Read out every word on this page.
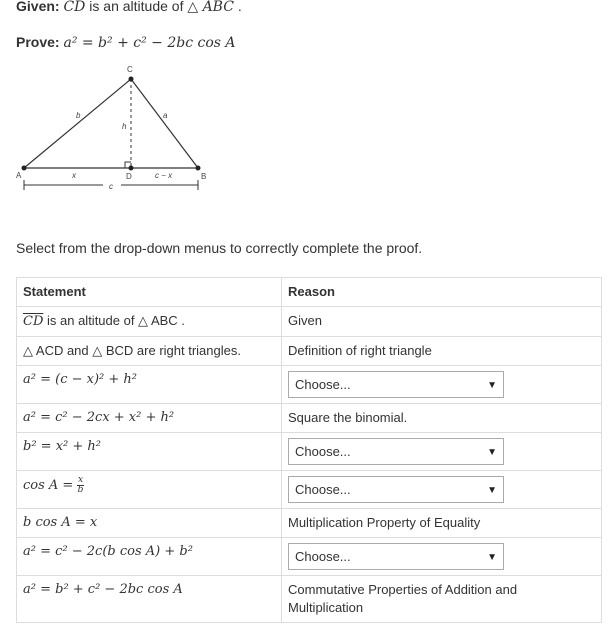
Given: $\overline{CD}$ is an altitude of △ ABC .
Prove: a² = b² + c² − 2bc cos A
A	B
C
D
b	a
h
x	c − x
c
Select from the drop-down menus to correctly complete the proof.
Statement	Reason
$\overline{CD}$ is an altitude of △ ABC .	Given
△ ACD and △ BCD are right triangles.	Definition of right triangle
a² = (c − x)² + h²	Choose... ▼

a² = c² − 2cx + x² + h²	Square the binomial.
b² = x² + h²	Choose... ▼

$\cos A = \frac{x}{b}$	Choose... ▼

b cos A = x	Multiplication Property of Equality
a² = c² − 2c(b cos A) + b²	Choose... ▼

a² = b² + c² − 2bc cos A	Commutative Properties of Addition and Multiplication
